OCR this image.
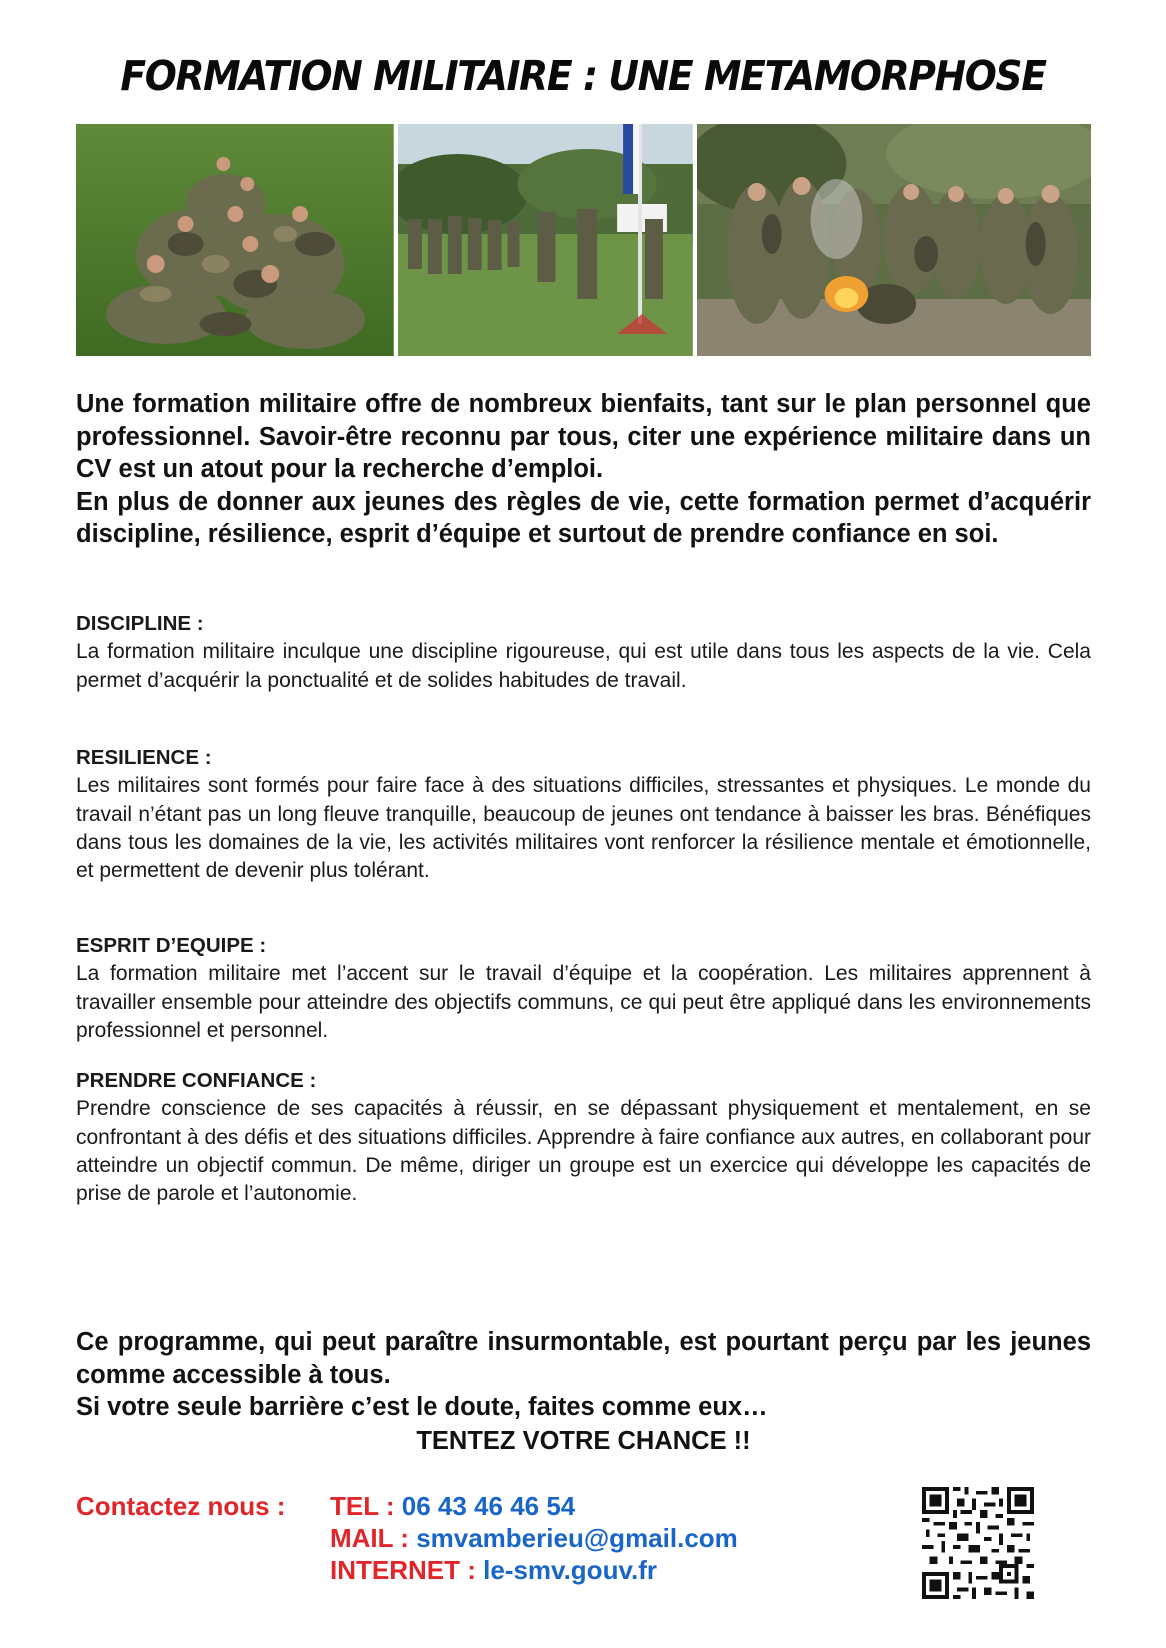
FORMATION MILITAIRE : UNE METAMORPHOSE

Une formation militaire offre de nombreux bienfaits, tant sur le plan personnel que professionnel. Savoir-être reconnu par tous, citer une expérience militaire dans un CV est un atout pour la recherche d’emploi.

En plus de donner aux jeunes des règles de vie, cette formation permet d’acquérir discipline, résilience, esprit d’équipe et surtout de prendre confiance en soi.

DISCIPLINE :
La formation militaire inculque une discipline rigoureuse, qui est utile dans tous les aspects de la vie. Cela permet d’acquérir la ponctualité et de solides habitudes de travail.
RESILIENCE :
Les militaires sont formés pour faire face à des situations difficiles, stressantes et physiques. Le monde du travail n’étant pas un long fleuve tranquille, beaucoup de jeunes ont tendance à baisser les bras. Bénéfiques dans tous les domaines de la vie, les activités militaires vont renforcer la résilience mentale et émotionnelle, et permettent de devenir plus tolérant.
ESPRIT D’EQUIPE :
La formation militaire met l’accent sur le travail d’équipe et la coopération. Les militaires apprennent à travailler ensemble pour atteindre des objectifs communs, ce qui peut être appliqué dans les environnements professionnel et personnel.
PRENDRE CONFIANCE :
Prendre conscience de ses capacités à réussir, en se dépassant physiquement et mentalement, en se confrontant à des défis et des situations difficiles. Apprendre à faire confiance aux autres, en collaborant pour atteindre un objectif commun. De même, diriger un groupe est un exercice qui développe les capacités de prise de parole et l’autonomie.

Ce programme, qui peut paraître insurmontable, est pourtant perçu par les jeunes comme accessible à tous.

Si votre seule barrière c’est le doute, faites comme eux…

TENTEZ VOTRE CHANCE !!

Contactez nous : TEL : 06 43 46 46 54
MAIL : smvamberieu@gmail.com
INTERNET : le-smv.gouv.fr
